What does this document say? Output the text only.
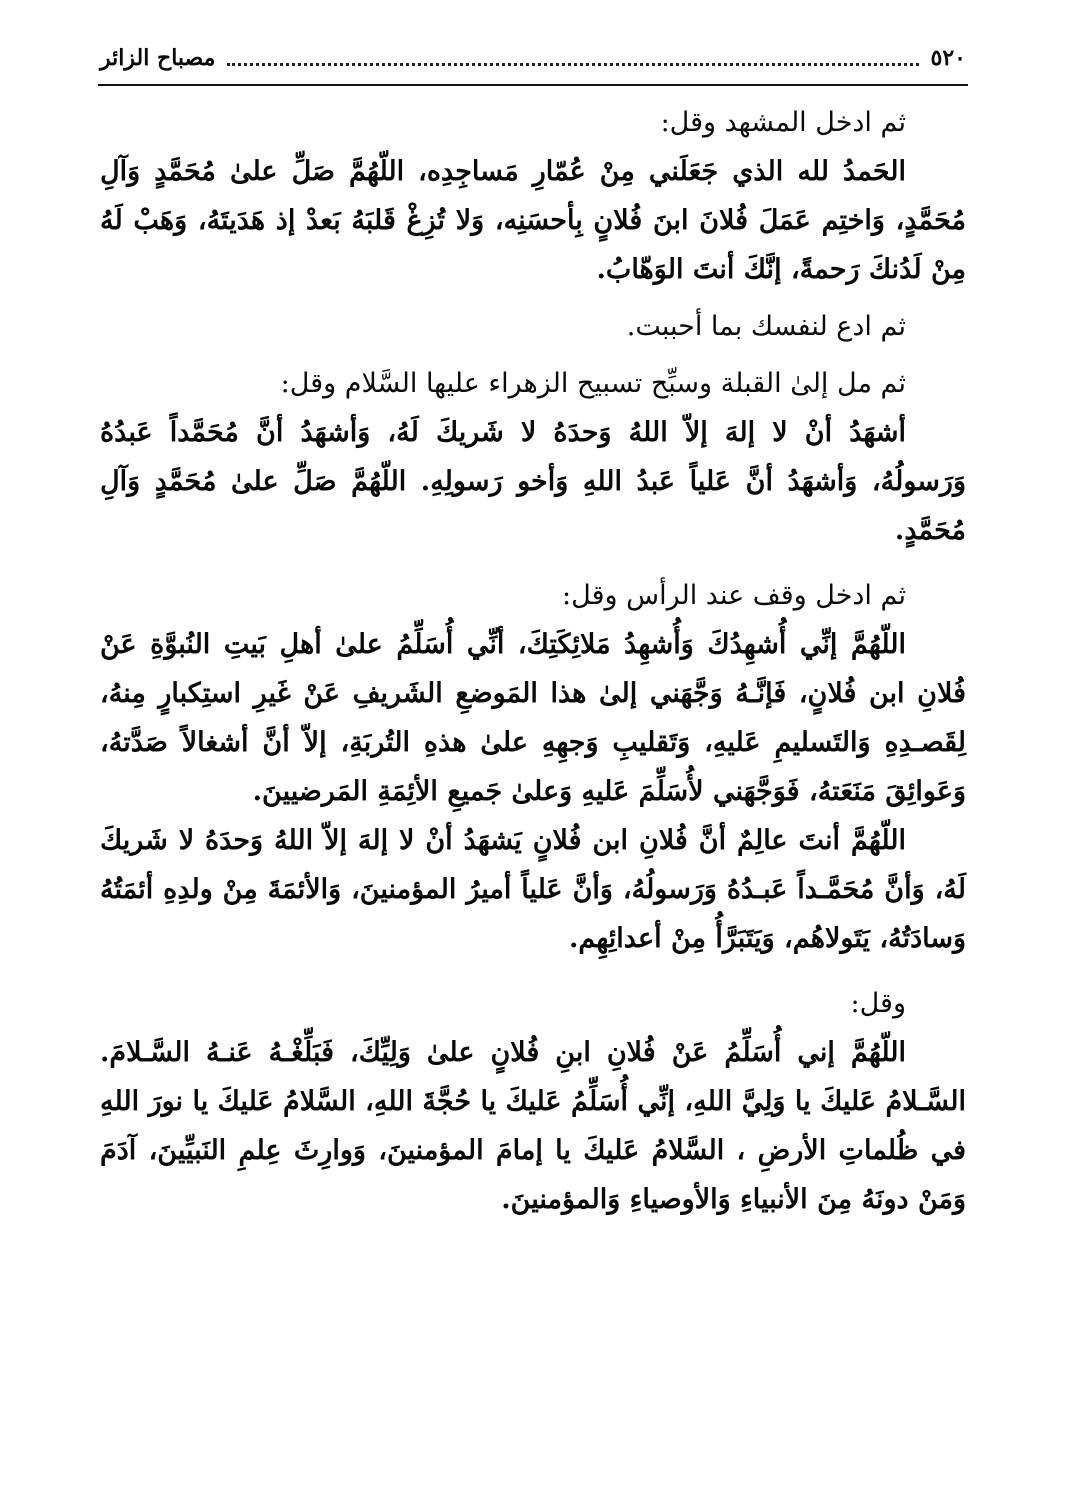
٥٢٠
مصباح الزائر

ثم ادخل المشهد وقل:

الحَمدُ لله الذي جَعَلَني مِنْ عُمّارِ مَساجِدِه، اللّهُمَّ صَلِّ علىٰ مُحَمَّدٍ وَآلِ مُحَمَّدٍ، وَاختِم عَمَلَ فُلانَ ابنَ فُلانٍ بِأحسَنِه، وَلا تُزِغْ قَلبَهُ بَعدْ إذ هَدَيتَهُ، وَهَبْ لَهُ مِنْ لَدُنكَ رَحمةً، إنَّكَ أنتَ الوَهّابُ.

ثم ادع لنفسك بما أحببت.

ثم مل إلىٰ القبلة وسبِّح تسبيح الزهراء عليها السَّلام وقل:

أشهَدُ أنْ لا إلهَ إلاّ اللهُ وَحدَهُ لا شَريكَ لَهُ، وَأشهَدُ أنَّ مُحَمَّداً عَبدُهُ وَرَسولُهُ، وَأشهَدُ أنَّ عَلياً عَبدُ اللهِ وَأخو رَسولِهِ. اللّهُمَّ صَلِّ علىٰ مُحَمَّدٍ وَآلِ مُحَمَّدٍ.

ثم ادخل وقف عند الرأس وقل:

اللّهُمَّ إنِّي أُشهِدُكَ وَأُشهِدُ مَلائِكَتِكَ، أنِّي أُسَلِّمُ علىٰ أهلِ بَيتِ النُبوَّةِ عَنْ فُلانِ ابن فُلانٍ، فَإنَّـهُ وَجَّهَني إلىٰ هذا المَوضعِ الشَريفِ عَنْ غَيرِ استِكبارٍ مِنهُ، لِقَصـدِهِ وَالتَسليمِ عَليهِ، وَتَقليبِ وَجهِهِ علىٰ هذهِ التُربَةِ، إلاّ أنَّ أشغالاً صَدَّتهُ، وَعَوائِقَ مَنَعَتهُ، فَوَجَّهَني لأُسَلِّمَ عَليهِ وَعلىٰ جَميعِ الأئِمَةِ المَرضيينَ.

اللّهُمَّ أنتَ عالِمٌ أنَّ فُلانِ ابن فُلانٍ يَشهَدُ أنْ لا إلهَ إلاّ اللهُ وَحدَهُ لا شَريكَ لَهُ، وَأنَّ مُحَمَّـداً عَبـدُهُ وَرَسولُهُ، وَأنَّ عَلياً أميرُ المؤمنينَ، وَالأئمَةَ مِنْ ولدِهِ أئمَتُهُ وَسادَتُهُ، يَتَولاهُم، وَيَتَبَرَّأُ مِنْ أعدائِهِم.

وقل:

اللّهُمَّ إني أُسَلِّمُ عَنْ فُلانِ ابنِ فُلانٍ علىٰ وَلِيِّكَ، فَبَلِّغْـهُ عَنـهُ السَّـلامَ. السَّـلامُ عَليكَ يا وَلِيَّ اللهِ، إنِّي أُسَلِّمُ عَليكَ يا حُجَّةَ اللهِ، السَّلامُ عَليكَ يا نورَ اللهِ في ظُلماتِ الأرضِ ، السَّلامُ عَليكَ يا إمامَ المؤمنينَ، وَوارِثَ عِلمِ النَبيِّينَ، آدَمَ وَمَنْ دونَهُ مِنَ الأنبياءِ وَالأوصياءِ وَالمؤمنينَ.
